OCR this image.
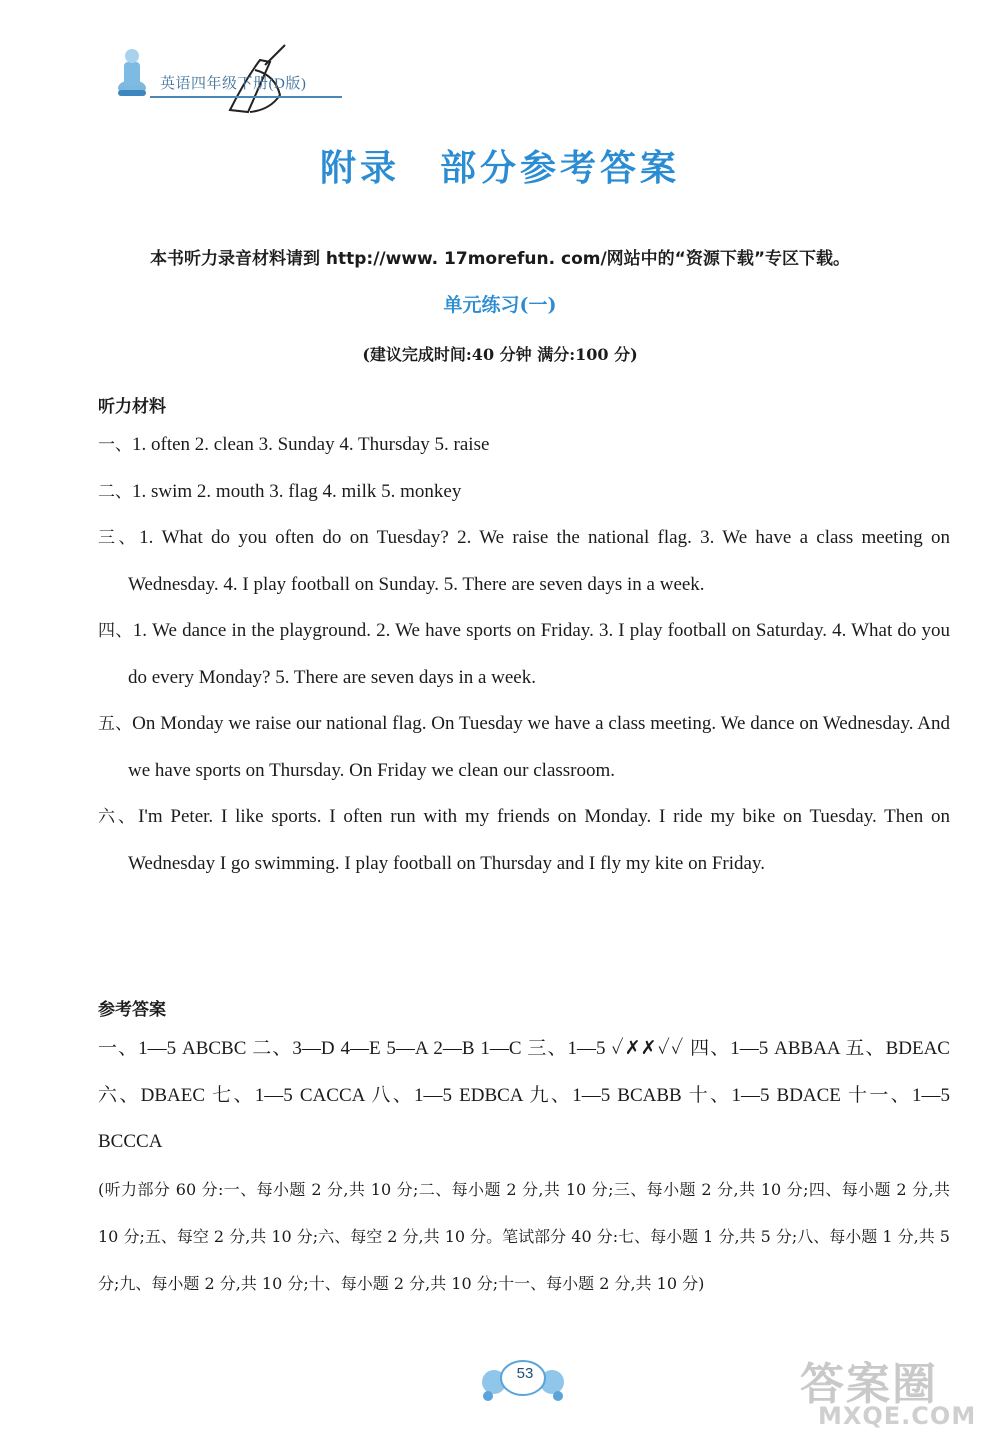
英语四年级下册(D版)
附录 部分参考答案
本书听力录音材料请到 http://www. 17morefun. com/网站中的“资源下载”专区下载。
单元练习(一)
(建议完成时间:40 分钟 满分:100 分)
听力材料

一、1. often 2. clean 3. Sunday 4. Thursday 5. raise

二、1. swim 2. mouth 3. flag 4. milk 5. monkey

三、1. What do you often do on Tuesday? 2. We raise the national flag. 3. We have a class meeting on Wednesday. 4. I play football on Sunday. 5. There are seven days in a week.

四、1. We dance in the playground. 2. We have sports on Friday. 3. I play football on Saturday. 4. What do you do every Monday? 5. There are seven days in a week.

五、On Monday we raise our national flag. On Tuesday we have a class meeting. We dance on Wednesday. And we have sports on Thursday. On Friday we clean our classroom.

六、I'm Peter. I like sports. I often run with my friends on Monday. I ride my bike on Tuesday. Then on Wednesday I go swimming. I play football on Thursday and I fly my kite on Friday.

参考答案

一、1—5 ABCBC 二、3—D 4—E 5—A 2—B 1—C 三、1—5 ✓✗✗✓✓ 四、1—5 ABBAA 五、BDEAC 六、DBAEC 七、1—5 CACCA 八、1—5 EDBCA 九、1—5 BCABB 十、1—5 BDACE 十一、1—5 BCCCA

(听力部分 60 分:一、每小题 2 分,共 10 分;二、每小题 2 分,共 10 分;三、每小题 2 分,共 10 分;四、每小题 2 分,共 10 分;五、每空 2 分,共 10 分;六、每空 2 分,共 10 分。笔试部分 40 分:七、每小题 1 分,共 5 分;八、每小题 1 分,共 5 分;九、每小题 2 分,共 10 分;十、每小题 2 分,共 10 分;十一、每小题 2 分,共 10 分)
53	答案圈
MXQE.COM
